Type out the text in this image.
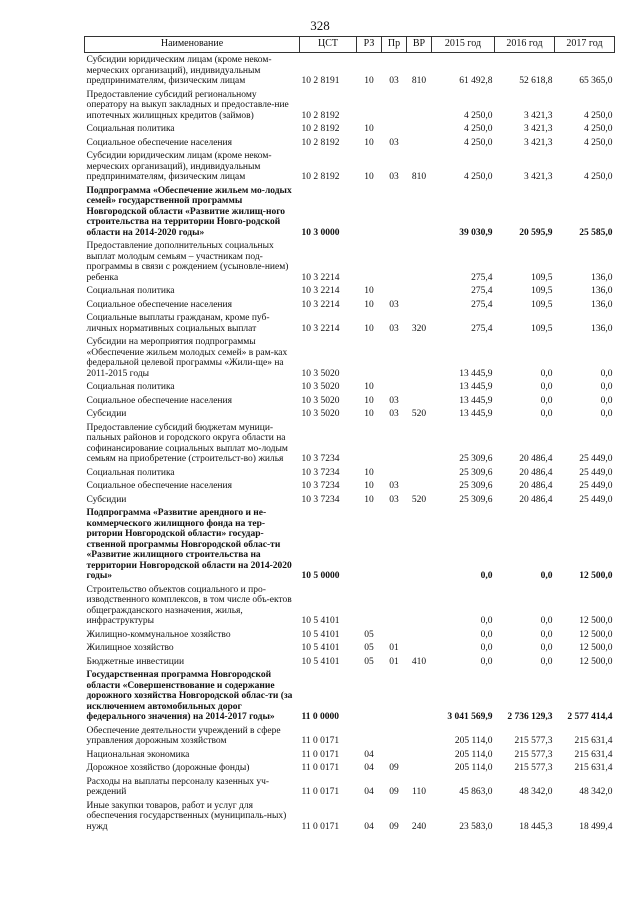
328
Наименование	ЦСТ	РЗ	Пр	ВР	2015 год	2016 год	2017 год
Субсидии юридическим лицам (кроме неком-мерческих организаций), индивидуальным предпринимателям, физическим лицам	10 2 8191	10	03	810	61 492,8	52 618,8	65 365,0
Предоставление субсидий региональному оператору на выкуп закладных и предоставле-ние ипотечных жилищных кредитов (займов)	10 2 8192				4 250,0	3 421,3	4 250,0
Социальная политика	10 2 8192	10			4 250,0	3 421,3	4 250,0
Социальное обеспечение населения	10 2 8192	10	03		4 250,0	3 421,3	4 250,0
Субсидии юридическим лицам (кроме неком-мерческих организаций), индивидуальным предпринимателям, физическим лицам	10 2 8192	10	03	810	4 250,0	3 421,3	4 250,0
Подпрограмма «Обеспечение жильем мо-лодых семей» государственной программы Новгородской области «Развитие жилищ-ного строительства на территории Новго-родской области на 2014-2020 годы»	10 3 0000				39 030,9	20 595,9	25 585,0
Предоставление дополнительных социальных выплат молодым семьям – участникам под-программы в связи с рождением (усыновле-нием) ребенка	10 3 2214				275,4	109,5	136,0
Социальная политика	10 3 2214	10			275,4	109,5	136,0
Социальное обеспечение населения	10 3 2214	10	03		275,4	109,5	136,0
Социальные выплаты гражданам, кроме пуб-личных нормативных социальных выплат	10 3 2214	10	03	320	275,4	109,5	136,0
Субсидии на мероприятия подпрограммы «Обеспечение жильем молодых семей» в рам-ках федеральной целевой программы «Жили-ще» на 2011-2015 годы	10 3 5020				13 445,9	0,0	0,0
Социальная политика	10 3 5020	10			13 445,9	0,0	0,0
Социальное обеспечение населения	10 3 5020	10	03		13 445,9	0,0	0,0
Субсидии	10 3 5020	10	03	520	13 445,9	0,0	0,0
Предоставление субсидий бюджетам муници-пальных районов и городского округа области на софинансирование социальных выплат мо-лодым семьям на приобретение (строительст-во) жилья	10 3 7234				25 309,6	20 486,4	25 449,0
Социальная политика	10 3 7234	10			25 309,6	20 486,4	25 449,0
Социальное обеспечение населения	10 3 7234	10	03		25 309,6	20 486,4	25 449,0
Субсидии	10 3 7234	10	03	520	25 309,6	20 486,4	25 449,0
Подпрограмма «Развитие арендного и не-коммерческого жилищного фонда на тер-ритории Новгородской области» государ-ственной программы Новгородской облас-ти «Развитие жилищного строительства на территории Новгородской области на 2014-2020 годы»	10 5 0000				0,0	0,0	12 500,0
Строительство объектов социального и про-изводственного комплексов, в том числе объ-ектов общегражданского назначения, жилья, инфраструктуры	10 5 4101				0,0	0,0	12 500,0
Жилищно-коммунальное хозяйство	10 5 4101	05			0,0	0,0	12 500,0
Жилищное хозяйство	10 5 4101	05	01		0,0	0,0	12 500,0
Бюджетные инвестиции	10 5 4101	05	01	410	0,0	0,0	12 500,0
Государственная программа Новгородской области «Совершенствование и содержание дорожного хозяйства Новгородской облас-ти (за исключением автомобильных дорог федерального значения) на 2014-2017 годы»	11 0 0000				3 041 569,9	2 736 129,3	2 577 414,4
Обеспечение деятельности учреждений в сфере управления дорожным хозяйством	11 0 0171				205 114,0	215 577,3	215 631,4
Национальная экономика	11 0 0171	04			205 114,0	215 577,3	215 631,4
Дорожное хозяйство (дорожные фонды)	11 0 0171	04	09		205 114,0	215 577,3	215 631,4
Расходы на выплаты персоналу казенных уч-реждений	11 0 0171	04	09	110	45 863,0	48 342,0	48 342,0
Иные закупки товаров, работ и услуг для обеспечения государственных (муниципаль-ных) нужд	11 0 0171	04	09	240	23 583,0	18 445,3	18 499,4
